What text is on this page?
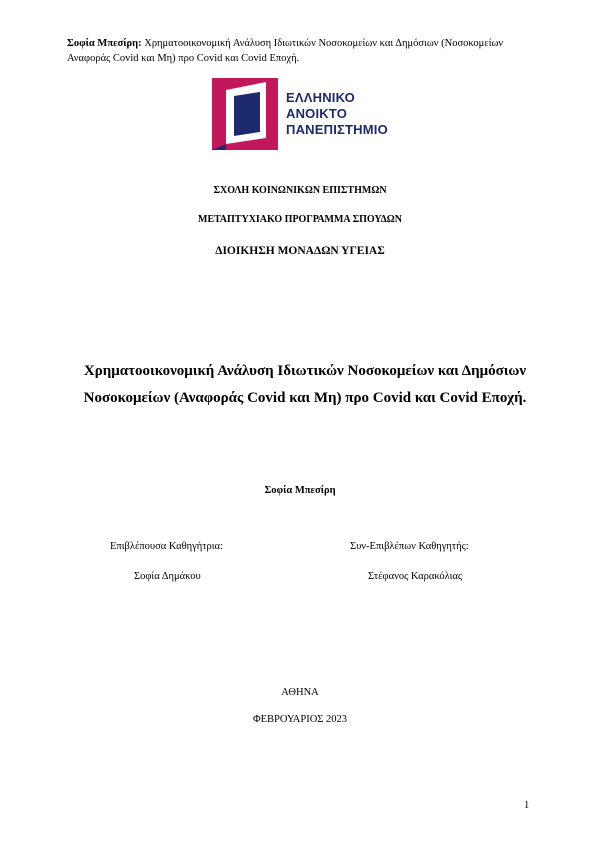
Σοφία Μπεσίρη: Χρηματοοικονομική Ανάλυση Ιδιωτικών Νοσοκομείων και Δημόσιων (Νοσοκομείων Αναφοράς Covid και Μη) προ Covid και Covid Εποχή.
ΕΛΛΗΝΙΚΟ
ΑΝΟΙΚΤΟ
ΠΑΝΕΠΙΣΤΗΜΙΟ
ΣΧΟΛΗ ΚΟΙΝΩΝΙΚΩΝ ΕΠΙΣΤΗΜΩΝ
ΜΕΤΑΠΤΥΧΙΑΚΟ ΠΡΟΓΡΑΜΜΑ ΣΠΟΥΔΩΝ
ΔΙΟΙΚΗΣΗ ΜΟΝΑΔΩΝ ΥΓΕΙΑΣ
Χρηματοοικονομική Ανάλυση Ιδιωτικών Νοσοκομείων και Δημόσιων Νοσοκομείων (Αναφοράς Covid και Μη) προ Covid και Covid Εποχή.
Σοφία Μπεσίρη
Επιβλέπουσα Καθηγήτρια:	Συν-Επιβλέπων Καθηγητής:
Σοφία Δημάκου	Στέφανος Καρακόλιας
ΑΘΗΝΑ
ΦΕΒΡΟΥΑΡΙΟΣ 2023
1
